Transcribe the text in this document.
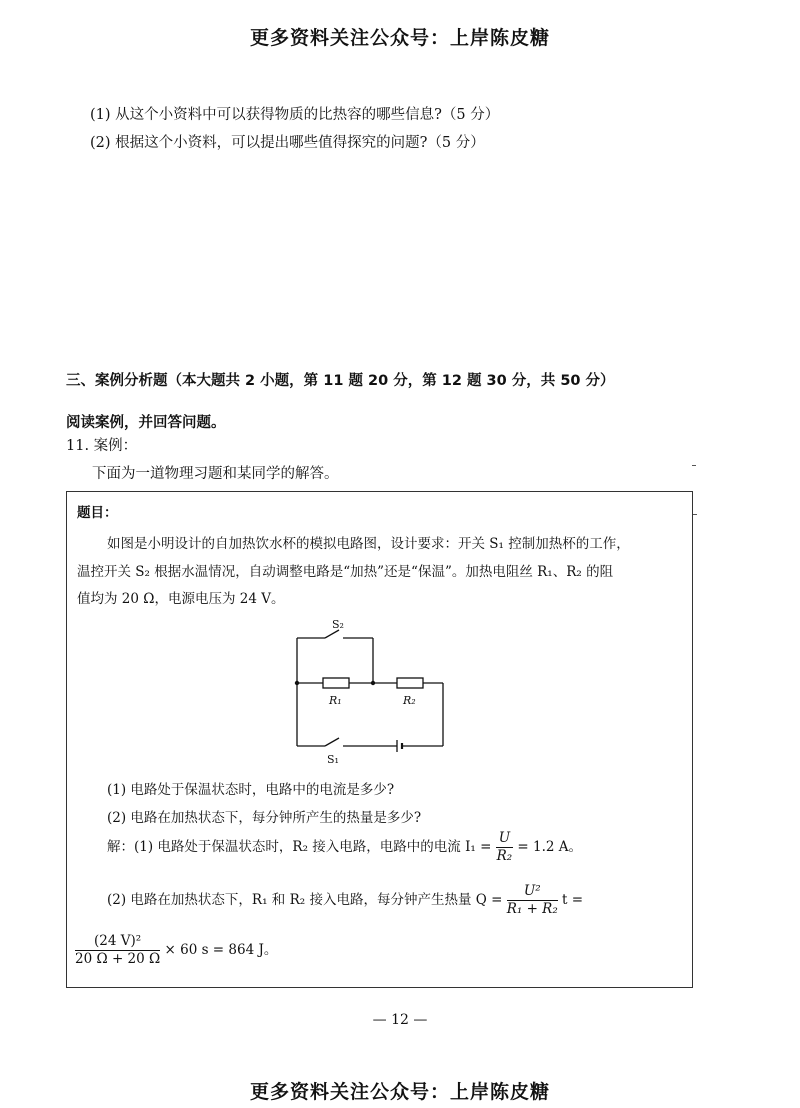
更多资料关注公众号：上岸陈皮糖
(1) 从这个小资料中可以获得物质的比热容的哪些信息?（5 分）
(2) 根据这个小资料，可以提出哪些值得探究的问题?（5 分）
三、案例分析题（本大题共 2 小题，第 11 题 20 分，第 12 题 30 分，共 50 分）
阅读案例，并回答问题。
11. 案例：
下面为一道物理习题和某同学的解答。
题目：
如图是小明设计的自加热饮水杯的模拟电路图，设计要求：开关 S₁ 控制加热杯的工作，
温控开关 S₂ 根据水温情况，自动调整电路是“加热”还是“保温”。加热电阻丝 R₁、R₂ 的阻
值均为 20 Ω，电源电压为 24 V。
S₂
R₁	R₂
S₁
(1) 电路处于保温状态时，电路中的电流是多少?
(2) 电路在加热状态下，每分钟所产生的热量是多少?
解：(1) 电路处于保温状态时，R₂ 接入电路，电路中的电流 $I_1 = \frac{U}{\text{R₂}} = 1.2$ A。
(2) 电路在加热状态下，R₁ 和 R₂ 接入电路，每分钟产生热量 $Q = \frac{\text{U²}}{\text{R₁ + R₂}}$ t =
$\frac{\text{(24 V)²}}{20 \Omega + 20 \Omega} \times 60$ s = 864 J。
— 12 —
更多资料关注公众号：上岸陈皮糖
